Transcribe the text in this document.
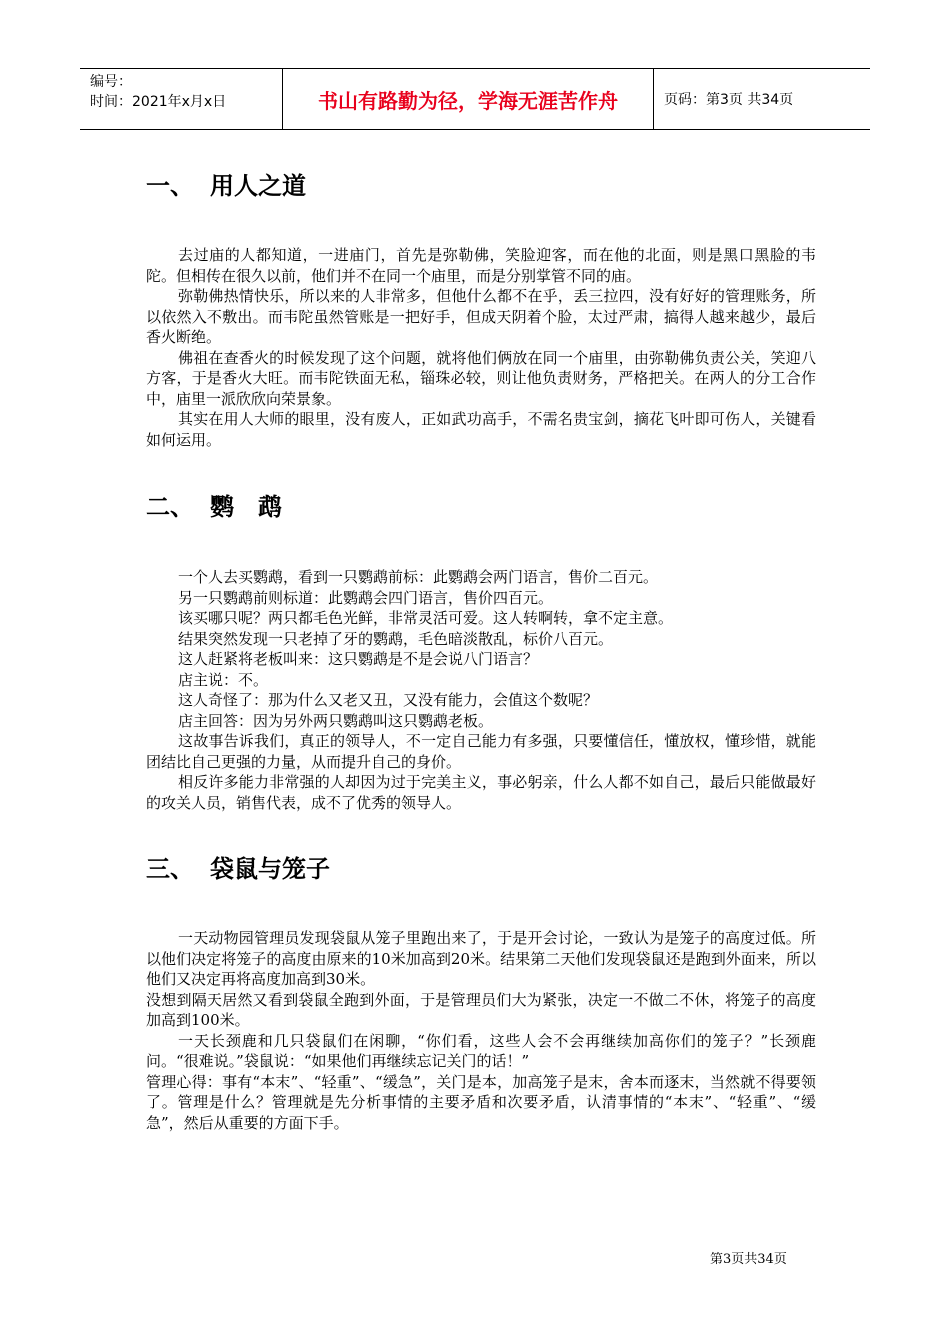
编号：
时间：2021年x月x日	书山有路勤为径，学海无涯苦作舟	页码：第3页 共34页
一、 用人之道

去过庙的人都知道，一进庙门，首先是弥勒佛，笑脸迎客，而在他的北面，则是黑口黑脸的韦陀。但相传在很久以前，他们并不在同一个庙里，而是分别掌管不同的庙。

弥勒佛热情快乐，所以来的人非常多，但他什么都不在乎，丢三拉四，没有好好的管理账务，所以依然入不敷出。而韦陀虽然管账是一把好手，但成天阴着个脸，太过严肃，搞得人越来越少，最后香火断绝。

佛祖在查香火的时候发现了这个问题，就将他们俩放在同一个庙里，由弥勒佛负责公关，笑迎八方客，于是香火大旺。而韦陀铁面无私，锱珠必较，则让他负责财务，严格把关。在两人的分工合作中，庙里一派欣欣向荣景象。

其实在用人大师的眼里，没有废人，正如武功高手，不需名贵宝剑，摘花飞叶即可伤人，关键看如何运用。

二、 鹦　鹉

一个人去买鹦鹉，看到一只鹦鹉前标：此鹦鹉会两门语言，售价二百元。

另一只鹦鹉前则标道：此鹦鹉会四门语言，售价四百元。

该买哪只呢？两只都毛色光鲜，非常灵活可爱。这人转啊转，拿不定主意。

结果突然发现一只老掉了牙的鹦鹉，毛色暗淡散乱，标价八百元。

这人赶紧将老板叫来：这只鹦鹉是不是会说八门语言？

店主说：不。

这人奇怪了：那为什么又老又丑，又没有能力，会值这个数呢？

店主回答：因为另外两只鹦鹉叫这只鹦鹉老板。

这故事告诉我们，真正的领导人，不一定自己能力有多强，只要懂信任，懂放权，懂珍惜，就能团结比自己更强的力量，从而提升自己的身价。

相反许多能力非常强的人却因为过于完美主义，事必躬亲，什么人都不如自己，最后只能做最好的攻关人员，销售代表，成不了优秀的领导人。

三、 袋鼠与笼子

一天动物园管理员发现袋鼠从笼子里跑出来了，于是开会讨论，一致认为是笼子的高度过低。所以他们决定将笼子的高度由原来的10米加高到20米。结果第二天他们发现袋鼠还是跑到外面来，所以他们又决定再将高度加高到30米。

没想到隔天居然又看到袋鼠全跑到外面，于是管理员们大为紧张，决定一不做二不休，将笼子的高度加高到100米。

一天长颈鹿和几只袋鼠们在闲聊，“你们看，这些人会不会再继续加高你们的笼子？”长颈鹿问。“很难说。”袋鼠说：“如果他们再继续忘记关门的话！”

管理心得：事有“本末”、“轻重”、“缓急”，关门是本，加高笼子是末，舍本而逐末，当然就不得要领了。管理是什么？管理就是先分析事情的主要矛盾和次要矛盾，认清事情的“本末”、“轻重”、“缓急”，然后从重要的方面下手。

第3页共34页
